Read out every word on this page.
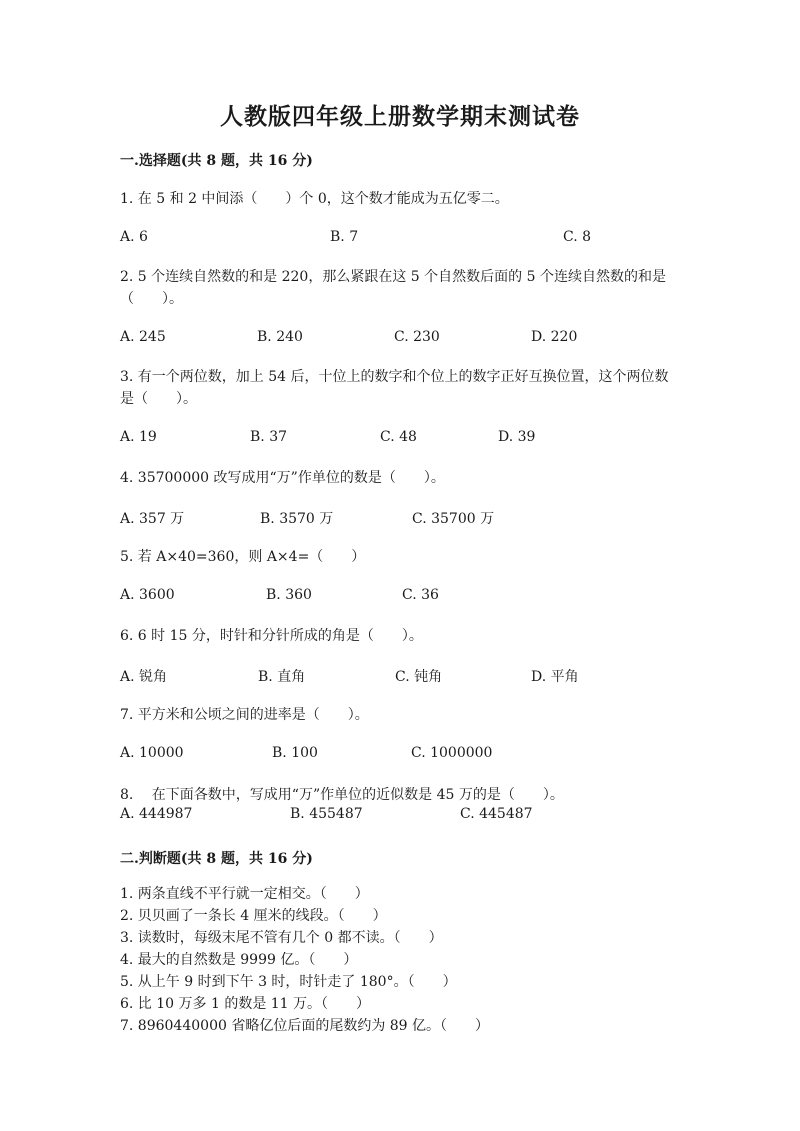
人教版四年级上册数学期末测试卷
一.选择题(共 8 题，共 16 分)
1. 在 5 和 2 中间添（　　）个 0，这个数才能成为五亿零二。
A. 6	B. 7	C. 8
2. 5 个连续自然数的和是 220，那么紧跟在这 5 个自然数后面的 5 个连续自然数的和是（　　）。
A. 245	B. 240	C. 230	D. 220
3. 有一个两位数，加上 54 后，十位上的数字和个位上的数字正好互换位置，这个两位数是（　　）。
A. 19	B. 37	C. 48	D. 39
4. 35700000 改写成用“万”作单位的数是（　　）。
A. 357 万	B. 3570 万	C. 35700 万
5. 若 A×40=360，则 A×4=（　　）
A. 3600	B. 360	C. 36
6. 6 时 15 分，时针和分针所成的角是（　　）。
A. 锐角	B. 直角	C. 钝角	D. 平角
7. 平方米和公顷之间的进率是（　　）。
A. 10000	B. 100	C. 1000000
8.　 在下面各数中，写成用“万”作单位的近似数是 45 万的是（　　）。
A. 444987	B. 455487	C. 445487
二.判断题(共 8 题，共 16 分)
1. 两条直线不平行就一定相交。（　　）
2. 贝贝画了一条长 4 厘米的线段。（　　）
3. 读数时，每级末尾不管有几个 0 都不读。（　　）
4. 最大的自然数是 9999 亿。（　　）
5. 从上午 9 时到下午 3 时，时针走了 180°。（　　）
6. 比 10 万多 1 的数是 11 万。（　　）
7. 8960440000 省略亿位后面的尾数约为 89 亿。（　　）
